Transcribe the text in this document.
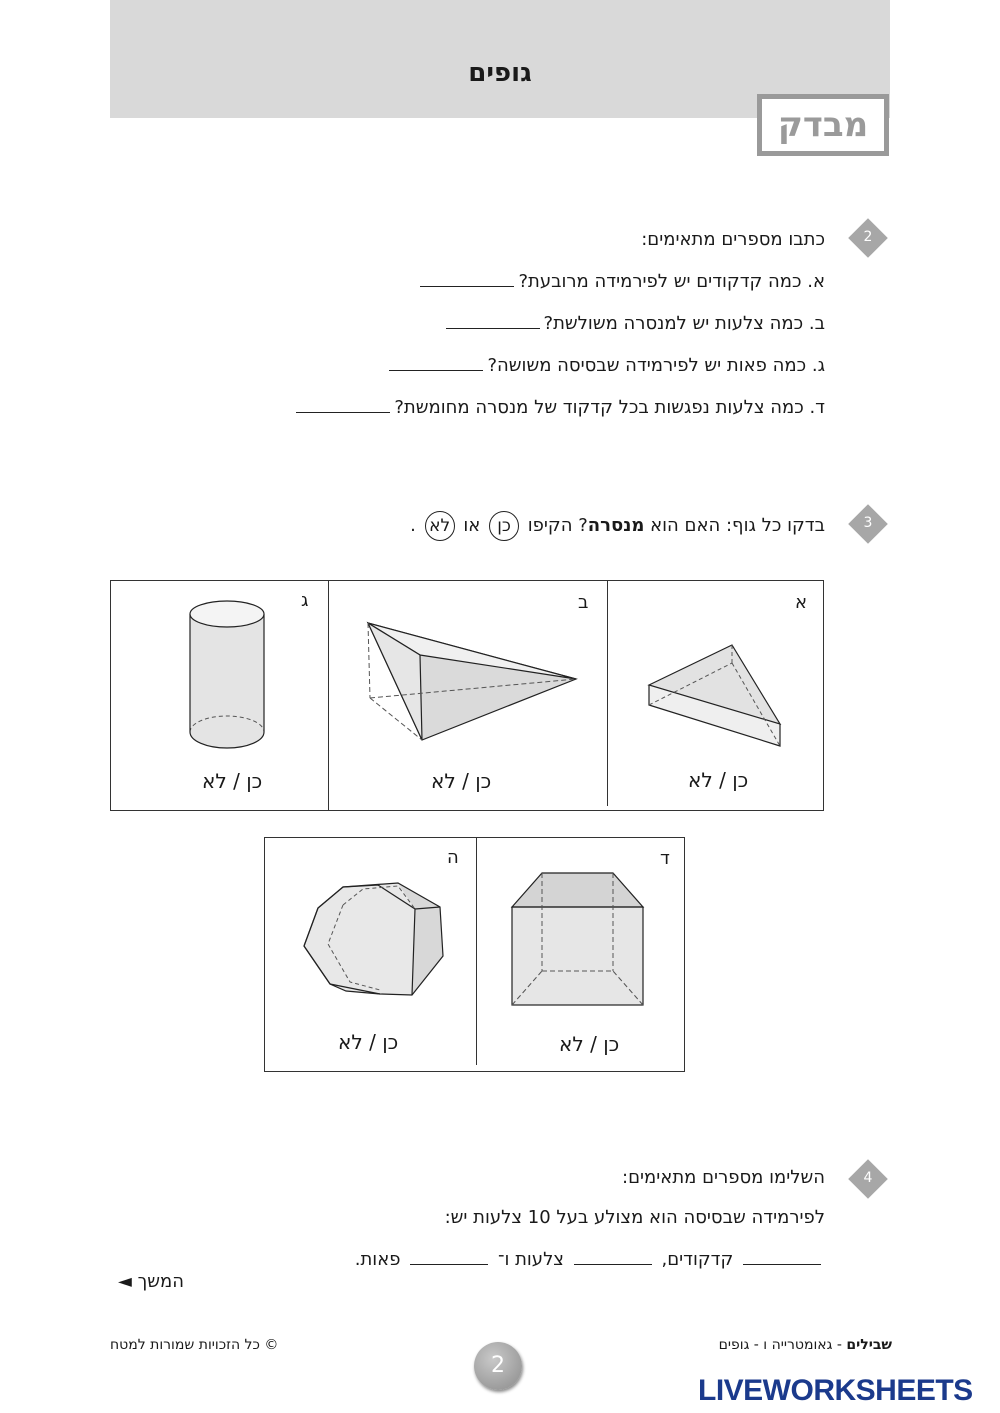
גופים
מבדק
2
כתבו מספרים מתאימים:
א. כמה קדקודים יש לפירמידה מרובעת?
ב. כמה צלעות יש למנסרה משולשת?
ג. כמה פאות יש לפירמידה שבסיסה משושה?
ד. כמה צלעות נפגשות בכל קדקוד של מנסרה מחומשת?
3
בדקו כל גוף: האם הוא מנסרה? הקיפו כן או לא .
א
ב
ג
כן / לא
כן / לא
כן / לא
ד
ה
כן / לא
כן / לא
4
השלימו מספרים מתאימים:
לפירמידה שבסיסה הוא מצולע בעל 10 צלעות יש:
קדקודים,  צלעות ו־  פאות.
המשך ◄
שבילים - גאומטרייה ו - גופים
© כל הזכויות שמורות למטח
2
LIVEWORKSHEETS
